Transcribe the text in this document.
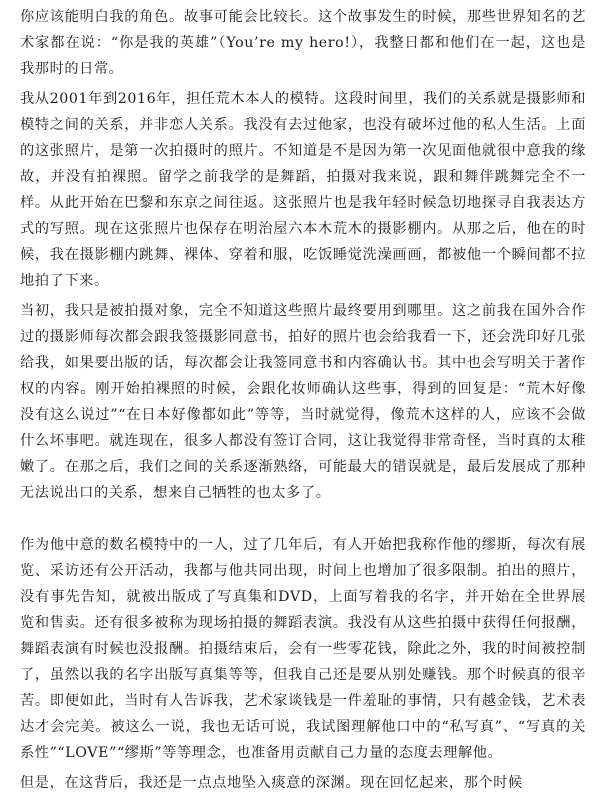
你应该能明白我的角色。故事可能会比较长。这个故事发生的时候，那些世界知名的艺术家都在说：“你是我的英雄”（You’re my hero!），我整日都和他们在一起，这也是我那时的日常。

我从2001年到2016年，担任荒木本人的模特。这段时间里，我们的关系就是摄影师和模特之间的关系，并非恋人关系。我没有去过他家，也没有破坏过他的私人生活。上面的这张照片，是第一次拍摄时的照片。不知道是不是因为第一次见面他就很中意我的缘故，并没有拍裸照。留学之前我学的是舞蹈，拍摄对我来说，跟和舞伴跳舞完全不一样。从此开始在巴黎和东京之间往返。这张照片也是我年轻时候急切地探寻自我表达方式的写照。现在这张照片也保存在明治屋六本木荒木的摄影棚内。从那之后，他在的时候，我在摄影棚内跳舞、裸体、穿着和服，吃饭睡觉洗澡画画，都被他一个瞬间都不拉地拍了下来。

当初，我只是被拍摄对象，完全不知道这些照片最终要用到哪里。这之前我在国外合作过的摄影师每次都会跟我签摄影同意书，拍好的照片也会给我看一下，还会洗印好几张给我，如果要出版的话，每次都会让我签同意书和内容确认书。其中也会写明关于著作权的内容。刚开始拍裸照的时候，会跟化妆师确认这些事，得到的回复是：“荒木好像没有这么说过”“在日本好像都如此”等等，当时就觉得，像荒木这样的人，应该不会做什么坏事吧。就连现在，很多人都没有签订合同，这让我觉得非常奇怪，当时真的太稚嫩了。在那之后，我们之间的关系逐渐熟络，可能最大的错误就是，最后发展成了那种无法说出口的关系，想来自己牺牲的也太多了。

作为他中意的数名模特中的一人，过了几年后，有人开始把我称作他的缪斯，每次有展览、采访还有公开活动，我都与他共同出现，时间上也增加了很多限制。拍出的照片，没有事先告知，就被出版成了写真集和DVD，上面写着我的名字，并开始在全世界展览和售卖。还有很多被称为现场拍摄的舞蹈表演。我没有从这些拍摄中获得任何报酬，舞蹈表演有时候也没报酬。拍摄结束后，会有一些零花钱，除此之外，我的时间被控制了，虽然以我的名字出版写真集等等，但我自己还是要从别处赚钱。那个时候真的很辛苦。即便如此，当时有人告诉我，艺术家谈钱是一件羞耻的事情，只有越金钱，艺术表达才会完美。被这么一说，我也无话可说，我试图理解他口中的“私写真”、“写真的关系性”“LOVE”“缪斯”等等理念，也准备用贡献自己力量的态度去理解他。

但是，在这背后，我还是一点点地坠入痰意的深渊。现在回忆起来，那个时候
